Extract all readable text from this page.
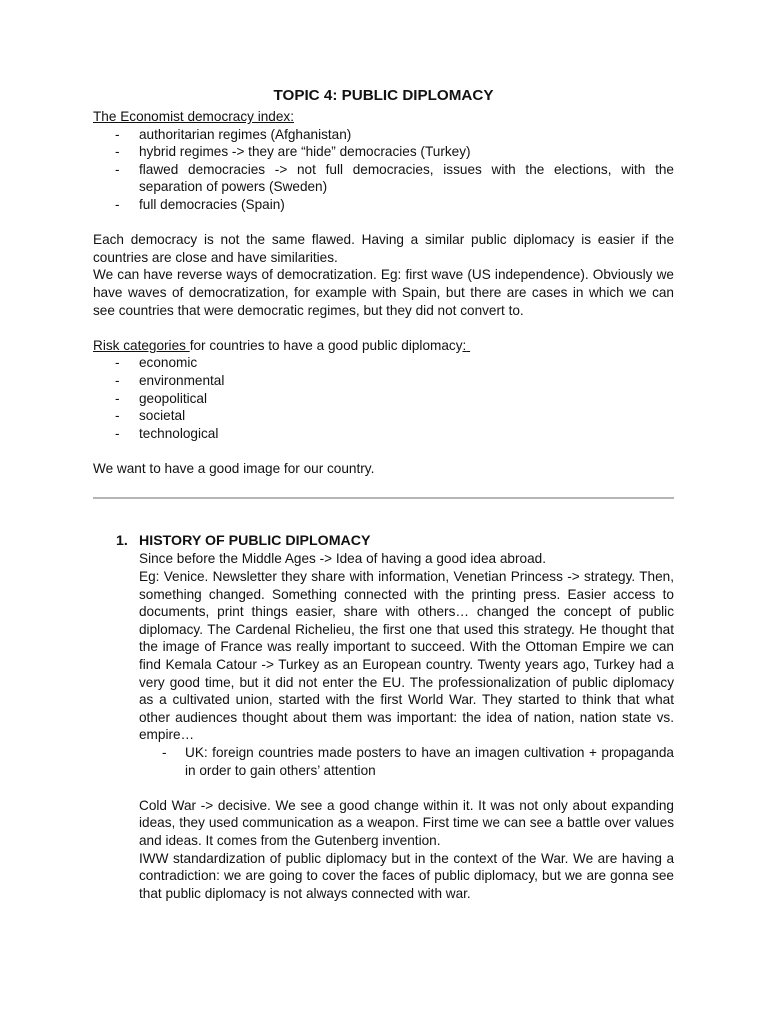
TOPIC 4: PUBLIC DIPLOMACY
The Economist democracy index:
- authoritarian regimes (Afghanistan)
- hybrid regimes -> they are “hide” democracies (Turkey)
- flawed democracies -> not full democracies, issues with the elections, with the separation of powers (Sweden)
- full democracies (Spain)

Each democracy is not the same flawed. Having a similar public diplomacy is easier if the countries are close and have similarities.

We can have reverse ways of democratization. Eg: first wave (US independence). Obviously we have waves of democratization, for example with Spain, but there are cases in which we can see countries that were democratic regimes, but they did not convert to.

Risk categories for countries to have a good public diplomacy:
- economic
- environmental
- geopolitical
- societal
- technological

We want to have a good image for our country.

1. HISTORY OF PUBLIC DIPLOMACY

Since before the Middle Ages -> Idea of having a good idea abroad.

Eg: Venice. Newsletter they share with information, Venetian Princess -> strategy. Then, something changed. Something connected with the printing press. Easier access to documents, print things easier, share with others… changed the concept of public diplomacy. The Cardenal Richelieu, the first one that used this strategy. He thought that the image of France was really important to succeed. With the Ottoman Empire we can find Kemala Catour -> Turkey as an European country. Twenty years ago, Turkey had a very good time, but it did not enter the EU. The professionalization of public diplomacy as a cultivated union, started with the first World War. They started to think that what other audiences thought about them was important: the idea of nation, nation state vs. empire…

- UK: foreign countries made posters to have an imagen cultivation + propaganda in order to gain others’ attention

Cold War -> decisive. We see a good change within it. It was not only about expanding ideas, they used communication as a weapon. First time we can see a battle over values and ideas. It comes from the Gutenberg invention.

IWW standardization of public diplomacy but in the context of the War. We are having a contradiction: we are going to cover the faces of public diplomacy, but we are gonna see that public diplomacy is not always connected with war.
